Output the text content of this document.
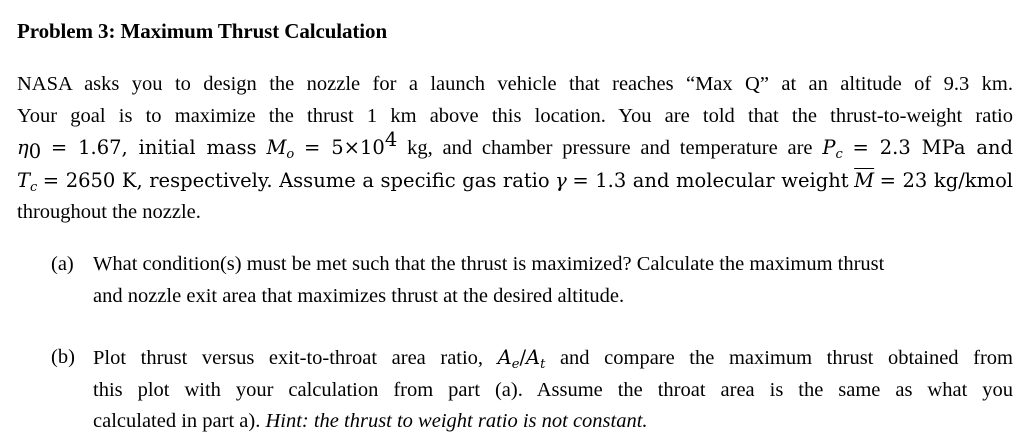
Problem 3: Maximum Thrust Calculation
NASA asks you to design the nozzle for a launch vehicle that reaches “Max Q” at an altitude of 9.3 km.
Your goal is to maximize the thrust 1 km above this location. You are told that the thrust-to-weight ratio
$\eta_0 = 1.67$, initial mass $M_o = 5\times 10^4$ kg, and chamber pressure and temperature are $P_c = 2.3$ MPa and
$T_c = 2650$ K, respectively. Assume a specific gas ratio γ = 1.3 and molecular weight $\overline{M} = 23$ kg/kmol
throughout the nozzle.
(a) What condition(s) must be met such that the thrust is maximized? Calculate the maximum thrust
and nozzle exit area that maximizes thrust at the desired altitude.
(b) Plot thrust versus exit-to-throat area ratio, $A_e/A_t$ and compare the maximum thrust obtained from
this plot with your calculation from part (a). Assume the throat area is the same as what you
calculated in part a). Hint: the thrust to weight ratio is not constant.
